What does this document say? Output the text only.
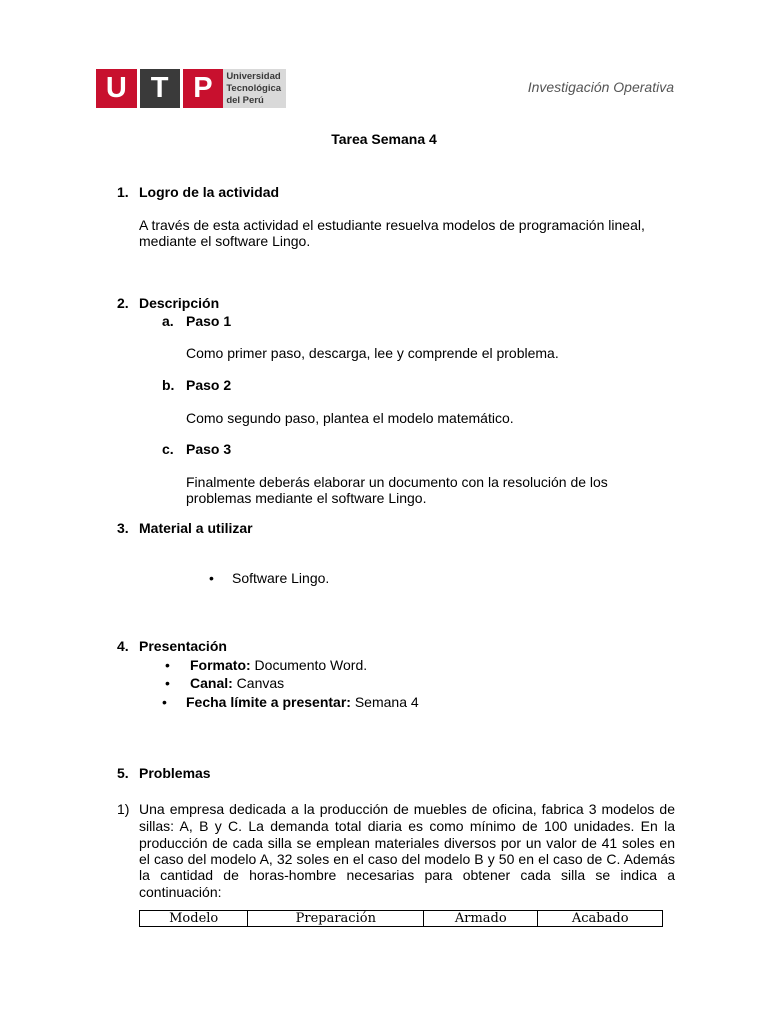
U T P	Universidad
Tecnológica
del Perú
Investigación Operativa
Tarea Semana 4
1. Logro de la actividad
A través de esta actividad el estudiante resuelva modelos de programación lineal,
mediante el software Lingo.
2. Descripción
a. Paso 1
Como primer paso, descarga, lee y comprende el problema.
b. Paso 2
Como segundo paso, plantea el modelo matemático.
c. Paso 3
Finalmente deberás elaborar un documento con la resolución de los
problemas mediante el software Lingo.
3. Material a utilizar
• Software Lingo.
4. Presentación
• Formato: Documento Word.
• Canal: Canvas
• Fecha límite a presentar: Semana 4
5. Problemas
1) Una empresa dedicada a la producción de muebles de oficina, fabrica 3 modelos de
sillas: A, B y C. La demanda total diaria es como mínimo de 100 unidades. En la
producción de cada silla se emplean materiales diversos por un valor de 41 soles en
el caso del modelo A, 32 soles en el caso del modelo B y 50 en el caso de C. Además
la cantidad de horas-hombre necesarias para obtener cada silla se indica a
continuación:
Modelo	Preparación	Armado	Acabado
